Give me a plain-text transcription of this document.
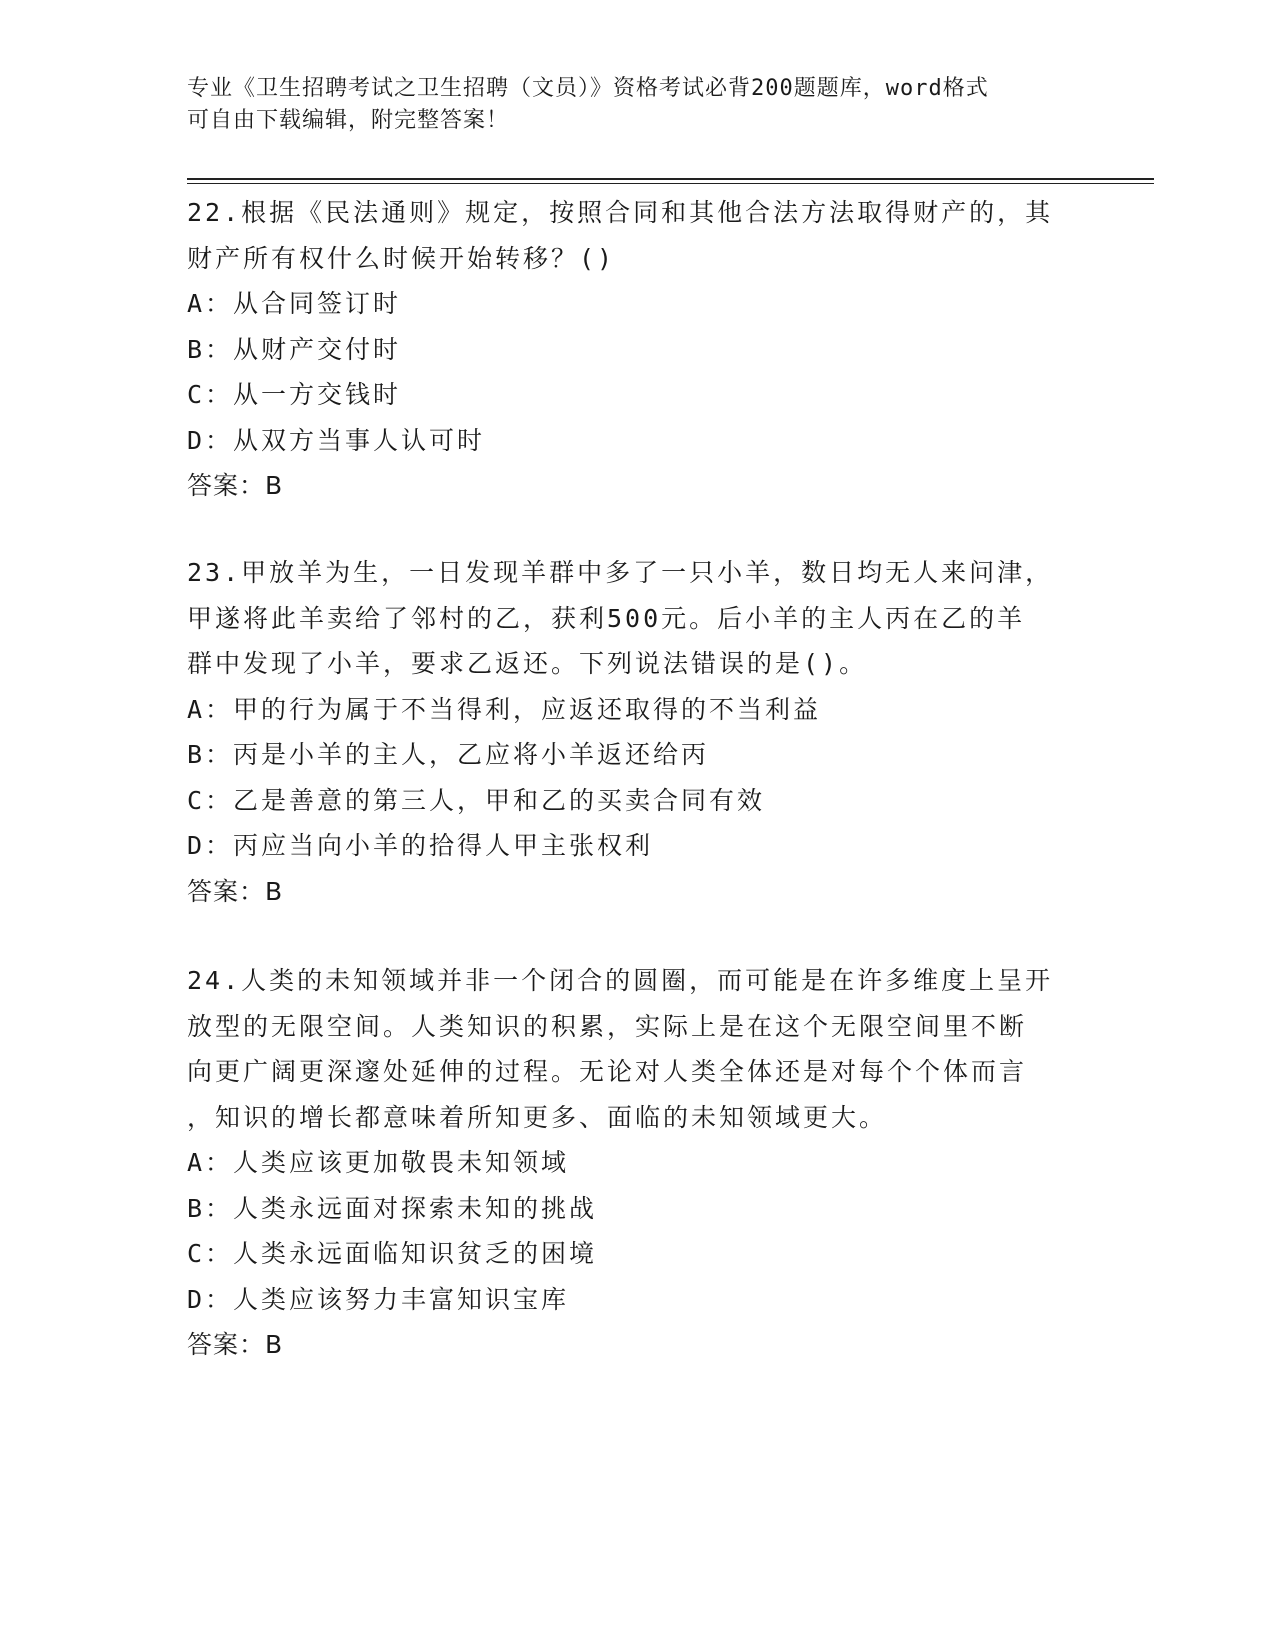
专业《卫生招聘考试之卫生招聘（文员）》资格考试必背200题题库，word格式

可自由下载编辑，附完整答案！

22.根据《民法通则》规定，按照合同和其他合法方法取得财产的，其

财产所有权什么时候开始转移？()

A：从合同签订时

B：从财产交付时

C：从一方交钱时

D：从双方当事人认可时

答案：B

23.甲放羊为生，一日发现羊群中多了一只小羊，数日均无人来问津，

甲遂将此羊卖给了邻村的乙，获利500元。后小羊的主人丙在乙的羊

群中发现了小羊，要求乙返还。下列说法错误的是()。

A：甲的行为属于不当得利，应返还取得的不当利益

B：丙是小羊的主人，乙应将小羊返还给丙

C：乙是善意的第三人，甲和乙的买卖合同有效

D：丙应当向小羊的拾得人甲主张权利

答案：B

24.人类的未知领域并非一个闭合的圆圈，而可能是在许多维度上呈开

放型的无限空间。人类知识的积累，实际上是在这个无限空间里不断

向更广阔更深邃处延伸的过程。无论对人类全体还是对每个个体而言

，知识的增长都意味着所知更多、面临的未知领域更大。

A：人类应该更加敬畏未知领域

B：人类永远面对探索未知的挑战

C：人类永远面临知识贫乏的困境

D：人类应该努力丰富知识宝库

答案：B
